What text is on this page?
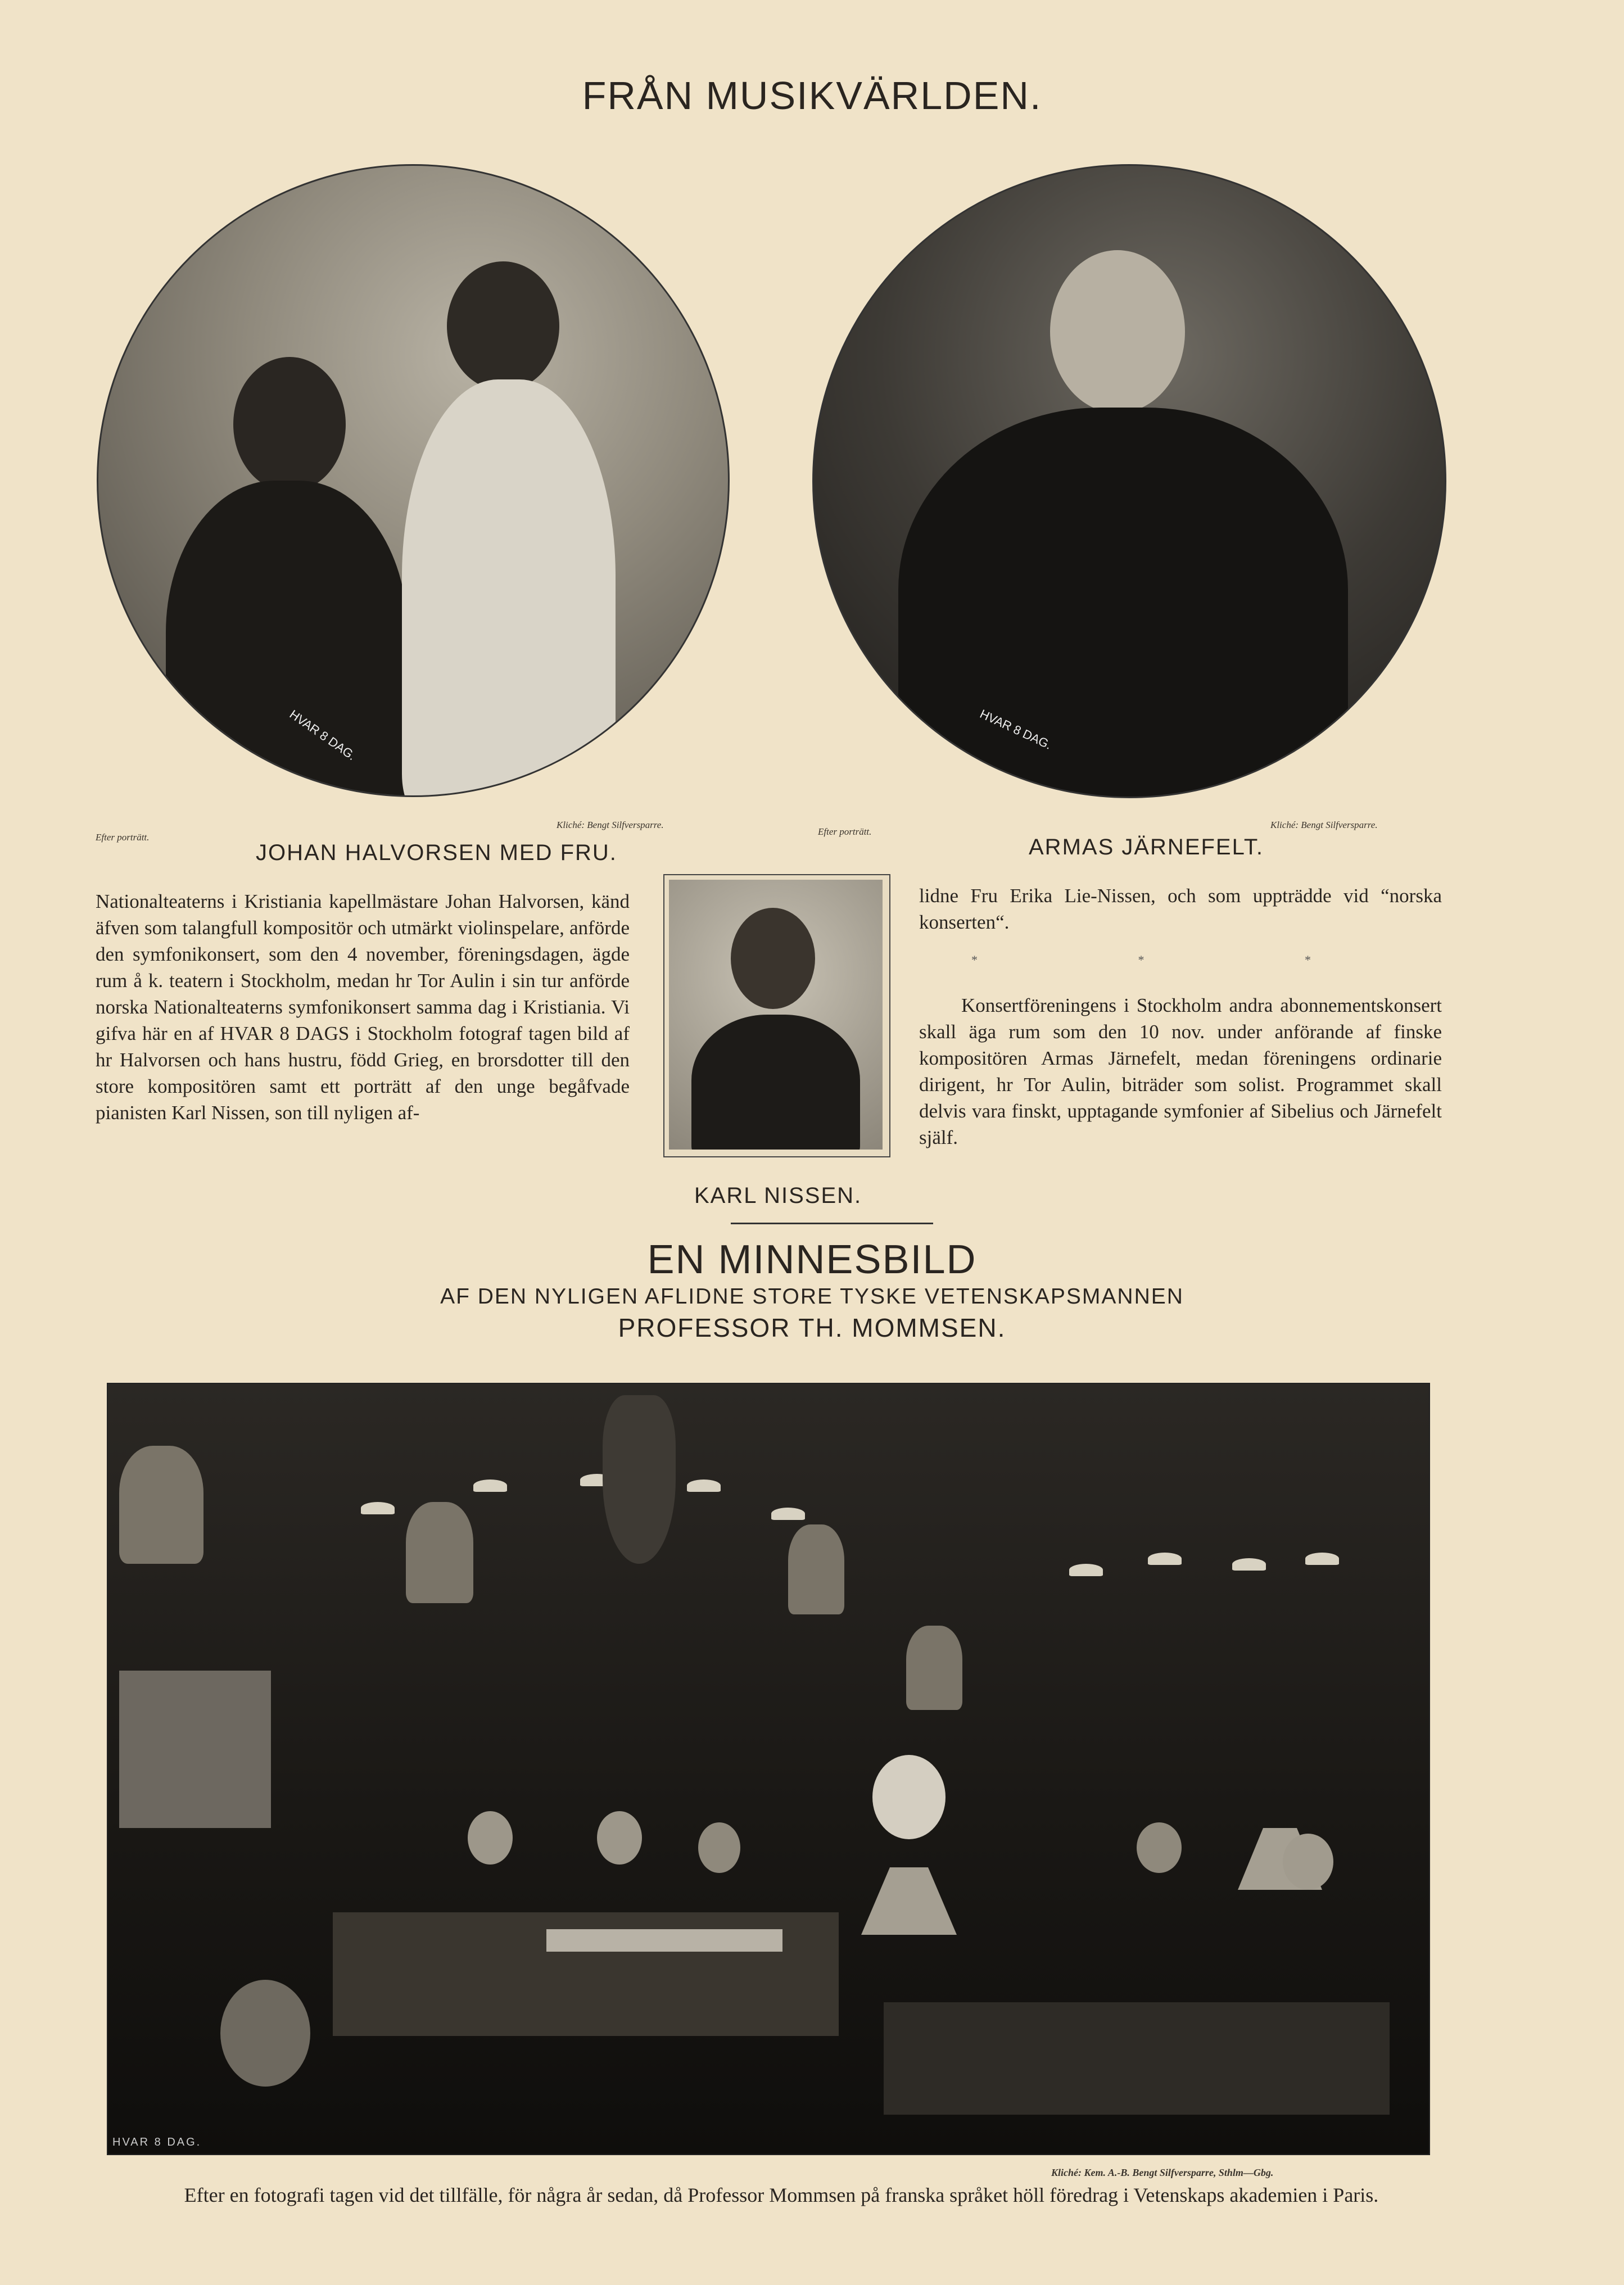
FRÅN MUSIKVÄRLDEN.
HVAR 8 DAG.	HVAR 8 DAG.
Efter porträtt.
Kliché: Bengt Silfversparre.
JOHAN HALVORSEN MED FRU.
Efter porträtt.
Kliché: Bengt Silfversparre.
ARMAS JÄRNEFELT.
Nationalteaterns i Kristiania kapellmästare Johan Halvorsen, känd äfven som talangfull kompositör och utmärkt violinspelare, anförde den symfonikonsert, som den 4 november, föreningsdagen, ägde rum å k. teatern i Stockholm, medan hr Tor Aulin i sin tur anförde norska Nationalteaterns symfonikonsert samma dag i Kristiania. Vi gifva här en af HVAR 8 DAGS i Stockholm fotograf tagen bild af hr Halvorsen och hans hustru, född Grieg, en brorsdotter till den store kompositören samt ett porträtt af den unge begåfvade pianisten Karl Nissen, son till nyligen af-
KARL NISSEN.
lidne Fru Erika Lie-Nissen, och som uppträdde vid “norska konserten“.
* * *
Konsertföreningens i Stockholm andra abonnementskonsert skall äga rum som den 10 nov. under anförande af finske kompositören Armas Järnefelt, medan föreningens ordinarie dirigent, hr Tor Aulin, biträder som solist. Programmet skall delvis vara finskt, upptagande symfonier af Sibelius och Järnefelt själf.
EN MINNESBILD
AF DEN NYLIGEN AFLIDNE STORE TYSKE VETENSKAPSMANNEN
PROFESSOR TH. MOMMSEN.
HVAR 8 DAG.
Kliché: Kem. A.-B. Bengt Silfversparre, Sthlm—Gbg.
Efter en fotografi tagen vid det tillfälle, för några år sedan, då Professor Mommsen på franska språket höll föredrag i Vetenskaps akademien i Paris.
